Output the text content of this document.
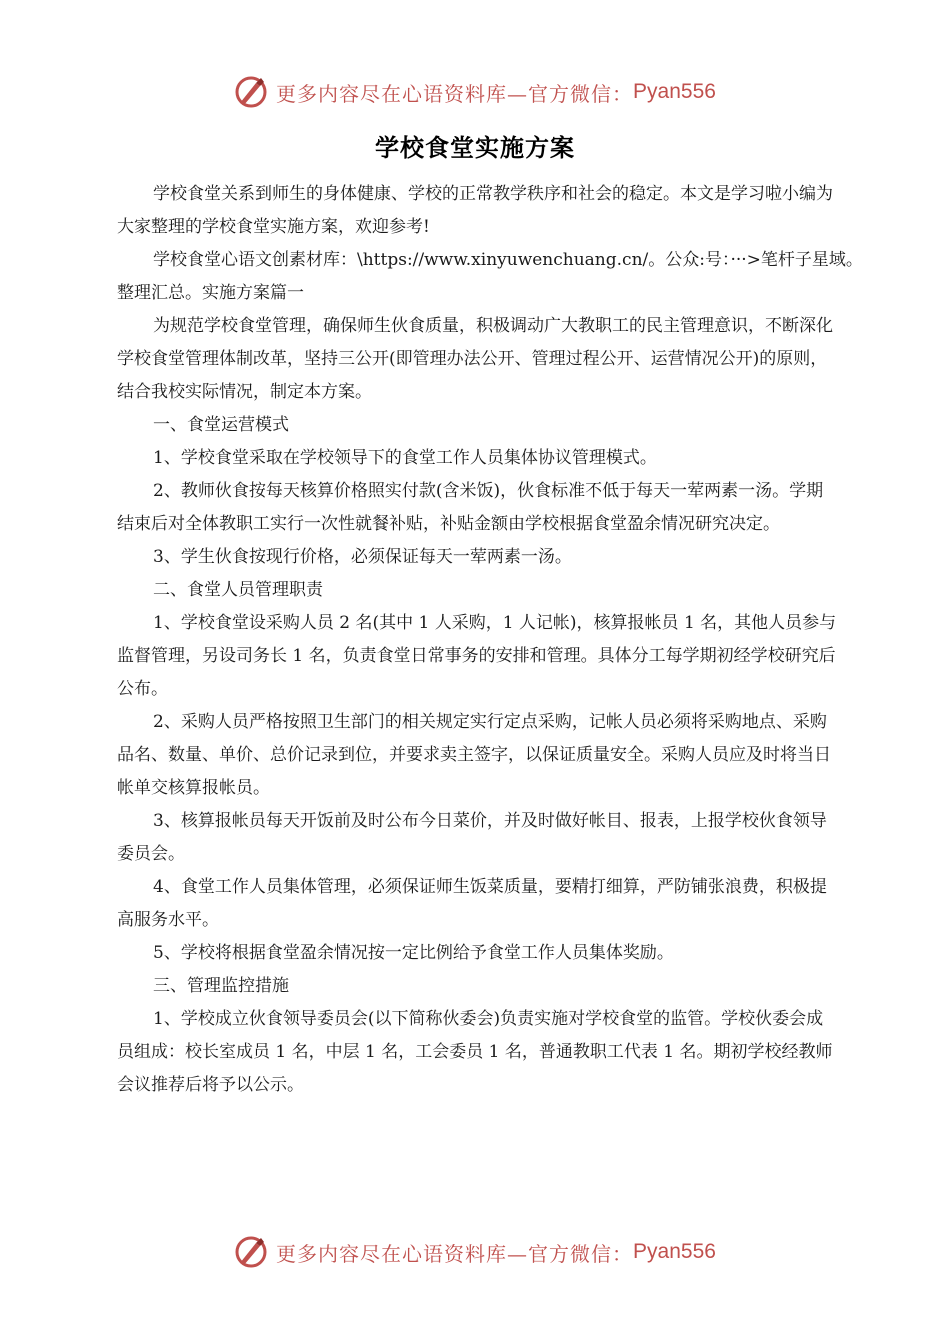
更多内容尽在心语资料库—官方微信： Pyan556
学校食堂实施方案

学校食堂关系到师生的身体健康、学校的正常教学秩序和社会的稳定。本文是学习啦小编为大家整理的学校食堂实施方案，欢迎参考!

学校食堂心语文创素材库：\https://www.xinyuwenchuang.cn/。公众:号：···>笔杆子星域。整理汇总。实施方案篇一

为规范学校食堂管理，确保师生伙食质量，积极调动广大教职工的民主管理意识，不断深化学校食堂管理体制改革，坚持三公开(即管理办法公开、管理过程公开、运营情况公开)的原则，结合我校实际情况，制定本方案。

一、食堂运营模式

1、学校食堂采取在学校领导下的食堂工作人员集体协议管理模式。

2、教师伙食按每天核算价格照实付款(含米饭)，伙食标准不低于每天一荤两素一汤。学期结束后对全体教职工实行一次性就餐补贴，补贴金额由学校根据食堂盈余情况研究决定。

3、学生伙食按现行价格，必须保证每天一荤两素一汤。

二、食堂人员管理职责

1、学校食堂设采购人员 2 名(其中 1 人采购，1 人记帐)，核算报帐员 1 名，其他人员参与监督管理，另设司务长 1 名，负责食堂日常事务的安排和管理。具体分工每学期初经学校研究后公布。

2、采购人员严格按照卫生部门的相关规定实行定点采购，记帐人员必须将采购地点、采购品名、数量、单价、总价记录到位，并要求卖主签字，以保证质量安全。采购人员应及时将当日帐单交核算报帐员。

3、核算报帐员每天开饭前及时公布今日菜价，并及时做好帐目、报表，上报学校伙食领导委员会。

4、食堂工作人员集体管理，必须保证师生饭菜质量，要精打细算，严防铺张浪费，积极提高服务水平。

5、学校将根据食堂盈余情况按一定比例给予食堂工作人员集体奖励。

三、管理监控措施

1、学校成立伙食领导委员会(以下简称伙委会)负责实施对学校食堂的监管。学校伙委会成员组成：校长室成员 1 名，中层 1 名，工会委员 1 名，普通教职工代表 1 名。期初学校经教师会议推荐后将予以公示。

更多内容尽在心语资料库—官方微信： Pyan556
